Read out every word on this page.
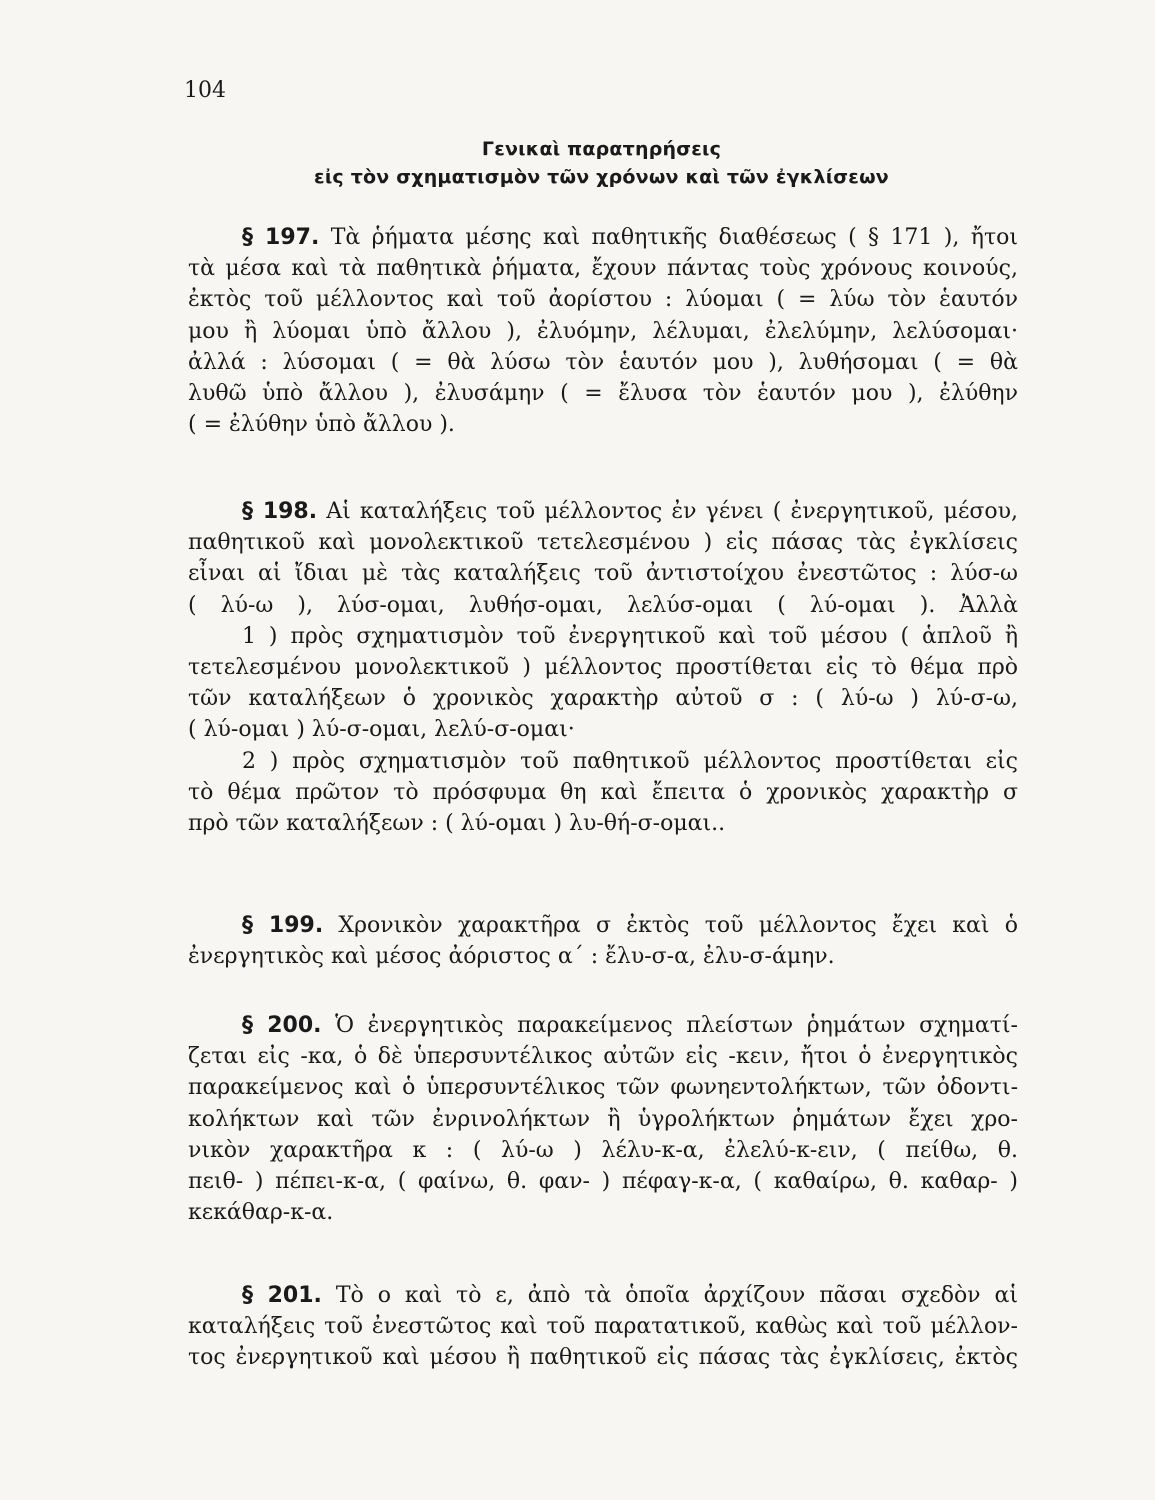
104
Γενικαὶ παρατηρήσεις
εἰς τὸν σχηματισμὸν τῶν χρόνων καὶ τῶν ἐγκλίσεων
§ 197. Τὰ ῥήματα μέσης καὶ παθητικῆς διαθέσεως ( § 171 ), ἤτοι
τὰ μέσα καὶ τὰ παθητικὰ ῥήματα, ἔχουν πάντας τοὺς χρόνους κοινούς,
ἐκτὸς τοῦ μέλλοντος καὶ τοῦ ἀορίστου : λύομαι ( = λύω τὸν ἑαυτόν
μου ἢ λύομαι ὑπὸ ἄλλου ), ἐλυόμην, λέλυμαι, ἐλελύμην, λελύσομαι·
ἀλλά : λύσομαι ( = θὰ λύσω τὸν ἑαυτόν μου ), λυθήσομαι ( = θὰ
λυθῶ ὑπὸ ἄλλου ), ἐλυσάμην ( = ἔλυσα τὸν ἑαυτόν μου ), ἐλύθην
( = ἐλύθην ὑπὸ ἄλλου ).
§ 198. Αἱ καταλήξεις τοῦ μέλλοντος ἐν γένει ( ἐνεργητικοῦ, μέσου,
παθητικοῦ καὶ μονολεκτικοῦ τετελεσμένου ) εἰς πάσας τὰς ἐγκλίσεις
εἶναι αἱ ἴδιαι μὲ τὰς καταλήξεις τοῦ ἀντιστοίχου ἐνεστῶτος : λύσ-ω
( λύ-ω ), λύσ-ομαι, λυθήσ-ομαι, λελύσ-ομαι ( λύ-ομαι ). Ἀλλὰ
1 ) πρὸς σχηματισμὸν τοῦ ἐνεργητικοῦ καὶ τοῦ μέσου ( ἁπλοῦ ἢ
τετελεσμένου μονολεκτικοῦ ) μέλλοντος προστίθεται εἰς τὸ θέμα πρὸ
τῶν καταλήξεων ὁ χρονικὸς χαρακτὴρ αὐτοῦ σ : ( λύ-ω ) λύ-σ-ω,
( λύ-ομαι ) λύ-σ-ομαι, λελύ-σ-ομαι·
2 ) πρὸς σχηματισμὸν τοῦ παθητικοῦ μέλλοντος προστίθεται εἰς
τὸ θέμα πρῶτον τὸ πρόσφυμα θη καὶ ἔπειτα ὁ χρονικὸς χαρακτὴρ σ
πρὸ τῶν καταλήξεων : ( λύ-ομαι ) λυ-θή-σ-ομαι..
§ 199. Χρονικὸν χαρακτῆρα σ ἐκτὸς τοῦ μέλλοντος ἔχει καὶ ὁ
ἐνεργητικὸς καὶ μέσος ἀόριστος α΄ : ἔλυ-σ-α, ἐλυ-σ-άμην.
§ 200. Ὁ ἐνεργητικὸς παρακείμενος πλείστων ῥημάτων σχηματί-
ζεται εἰς -κα, ὁ δὲ ὑπερσυντέλικος αὐτῶν εἰς -κειν, ἤτοι ὁ ἐνεργητικὸς
παρακείμενος καὶ ὁ ὑπερσυντέλικος τῶν φωνηεντολήκτων, τῶν ὀδοντι-
κολήκτων καὶ τῶν ἐνρινολήκτων ἢ ὑγρολήκτων ῥημάτων ἔχει χρο-
νικὸν χαρακτῆρα κ : ( λύ-ω ) λέλυ-κ-α, ἐλελύ-κ-ειν, ( πείθω, θ.
πειθ- ) πέπει-κ-α, ( φαίνω, θ. φαν- ) πέφαγ-κ-α, ( καθαίρω, θ. καθαρ- )
κεκάθαρ-κ-α.
§ 201. Τὸ ο καὶ τὸ ε, ἀπὸ τὰ ὁποῖα ἀρχίζουν πᾶσαι σχεδὸν αἱ
καταλήξεις τοῦ ἐνεστῶτος καὶ τοῦ παρατατικοῦ, καθὼς καὶ τοῦ μέλλον-
τος ἐνεργητικοῦ καὶ μέσου ἢ παθητικοῦ εἰς πάσας τὰς ἐγκλίσεις, ἐκτὸς
